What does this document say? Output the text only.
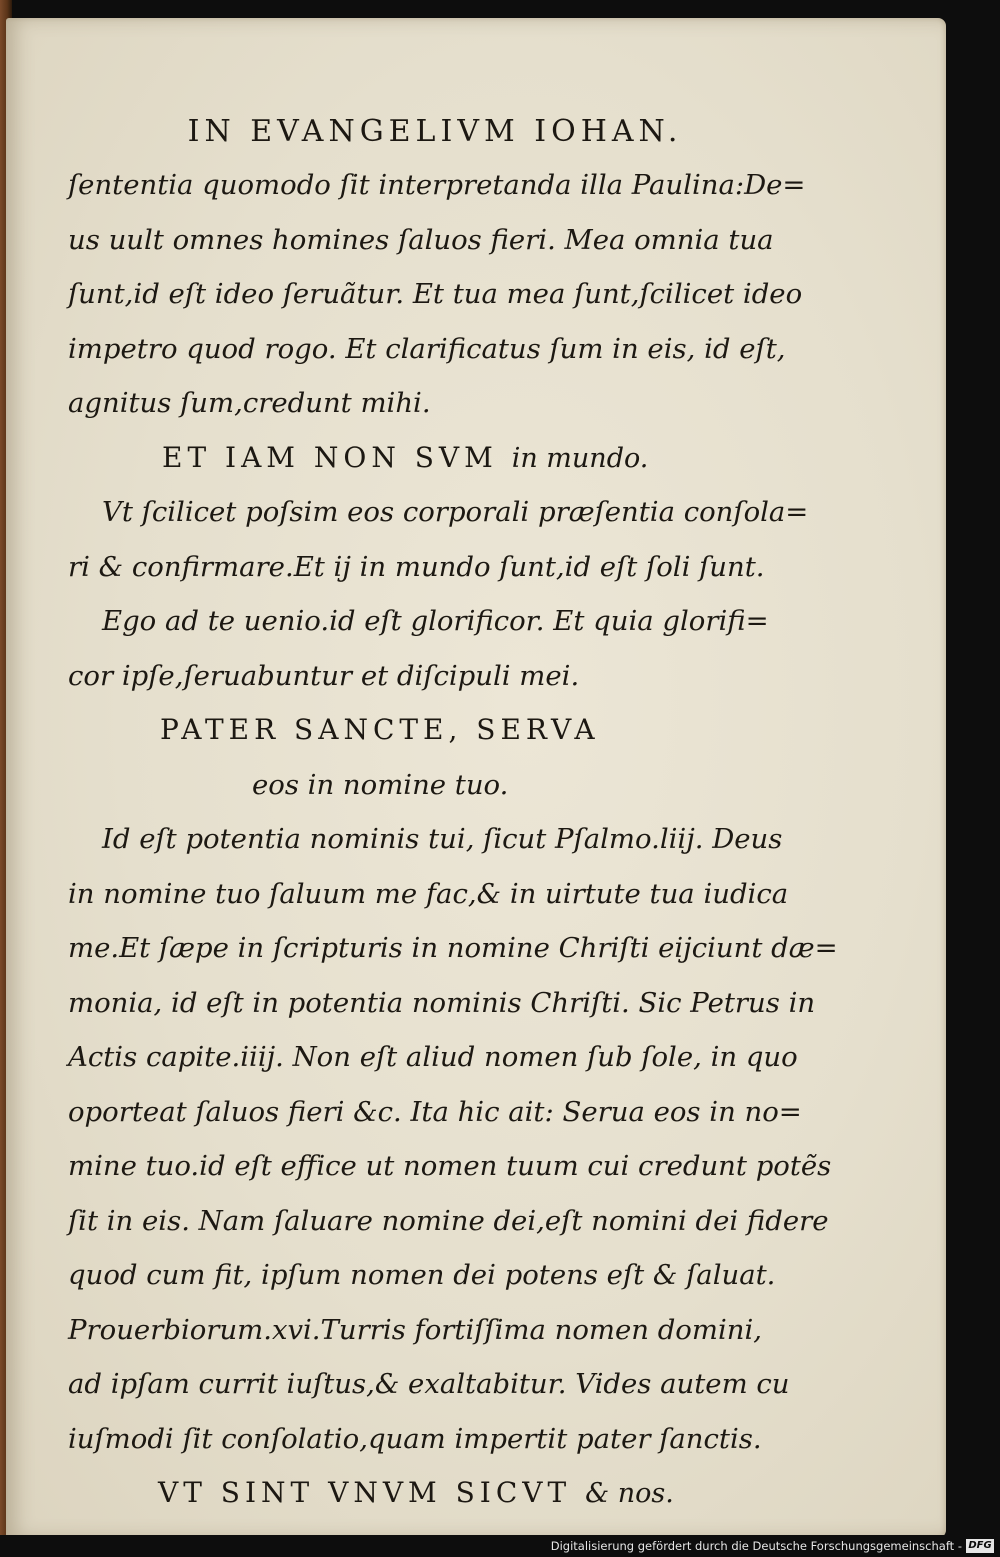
IN EVANGELIVM IOHAN.
ſententia quomodo ſit interpretanda illa Paulina:De=
us uult omnes homines ſaluos fieri. Mea omnia tua
ſunt,id eſt ideo ſeruãtur. Et tua mea ſunt,ſcilicet ideo
impetro quod rogo. Et clarificatus ſum in eis, id eſt,
agnitus ſum,credunt mihi.
ET IAM NON SVM in mundo.
Vt ſcilicet poſsim eos corporali præſentia conſola=
ri & confirmare.Et ij in mundo ſunt,id eſt ſoli ſunt.
Ego ad te uenio.id eſt glorificor. Et quia glorifi=
cor ipſe,ſeruabuntur et diſcipuli mei.
PATER SANCTE, SERVA
eos in nomine tuo.
Id eſt potentia nominis tui, ſicut Pſalmo.liij. Deus
in nomine tuo ſaluum me fac,& in uirtute tua iudica
me.Et ſæpe in ſcripturis in nomine Chriſti eijciunt dæ=
monia, id eſt in potentia nominis Chriſti. Sic Petrus in
Actis capite.iiij. Non eſt aliud nomen ſub ſole, in quo
oporteat ſaluos fieri &c. Ita hic ait: Serua eos in no=
mine tuo.id eſt effice ut nomen tuum cui credunt potẽs
ſit in eis. Nam ſaluare nomine dei,eſt nomini dei fidere
quod cum fit, ipſum nomen dei potens eſt & ſaluat.
Prouerbiorum.xvi.Turris fortiſſima nomen domini,
ad ipſam currit iuſtus,& exaltabitur. Vides autem cu
iuſmodi ſit conſolatio,quam impertit pater ſanctis.
VT SINT VNVM SICVT & nos.
Digitalisierung gefördert durch die Deutsche Forschungsgemeinschaft - DFG
